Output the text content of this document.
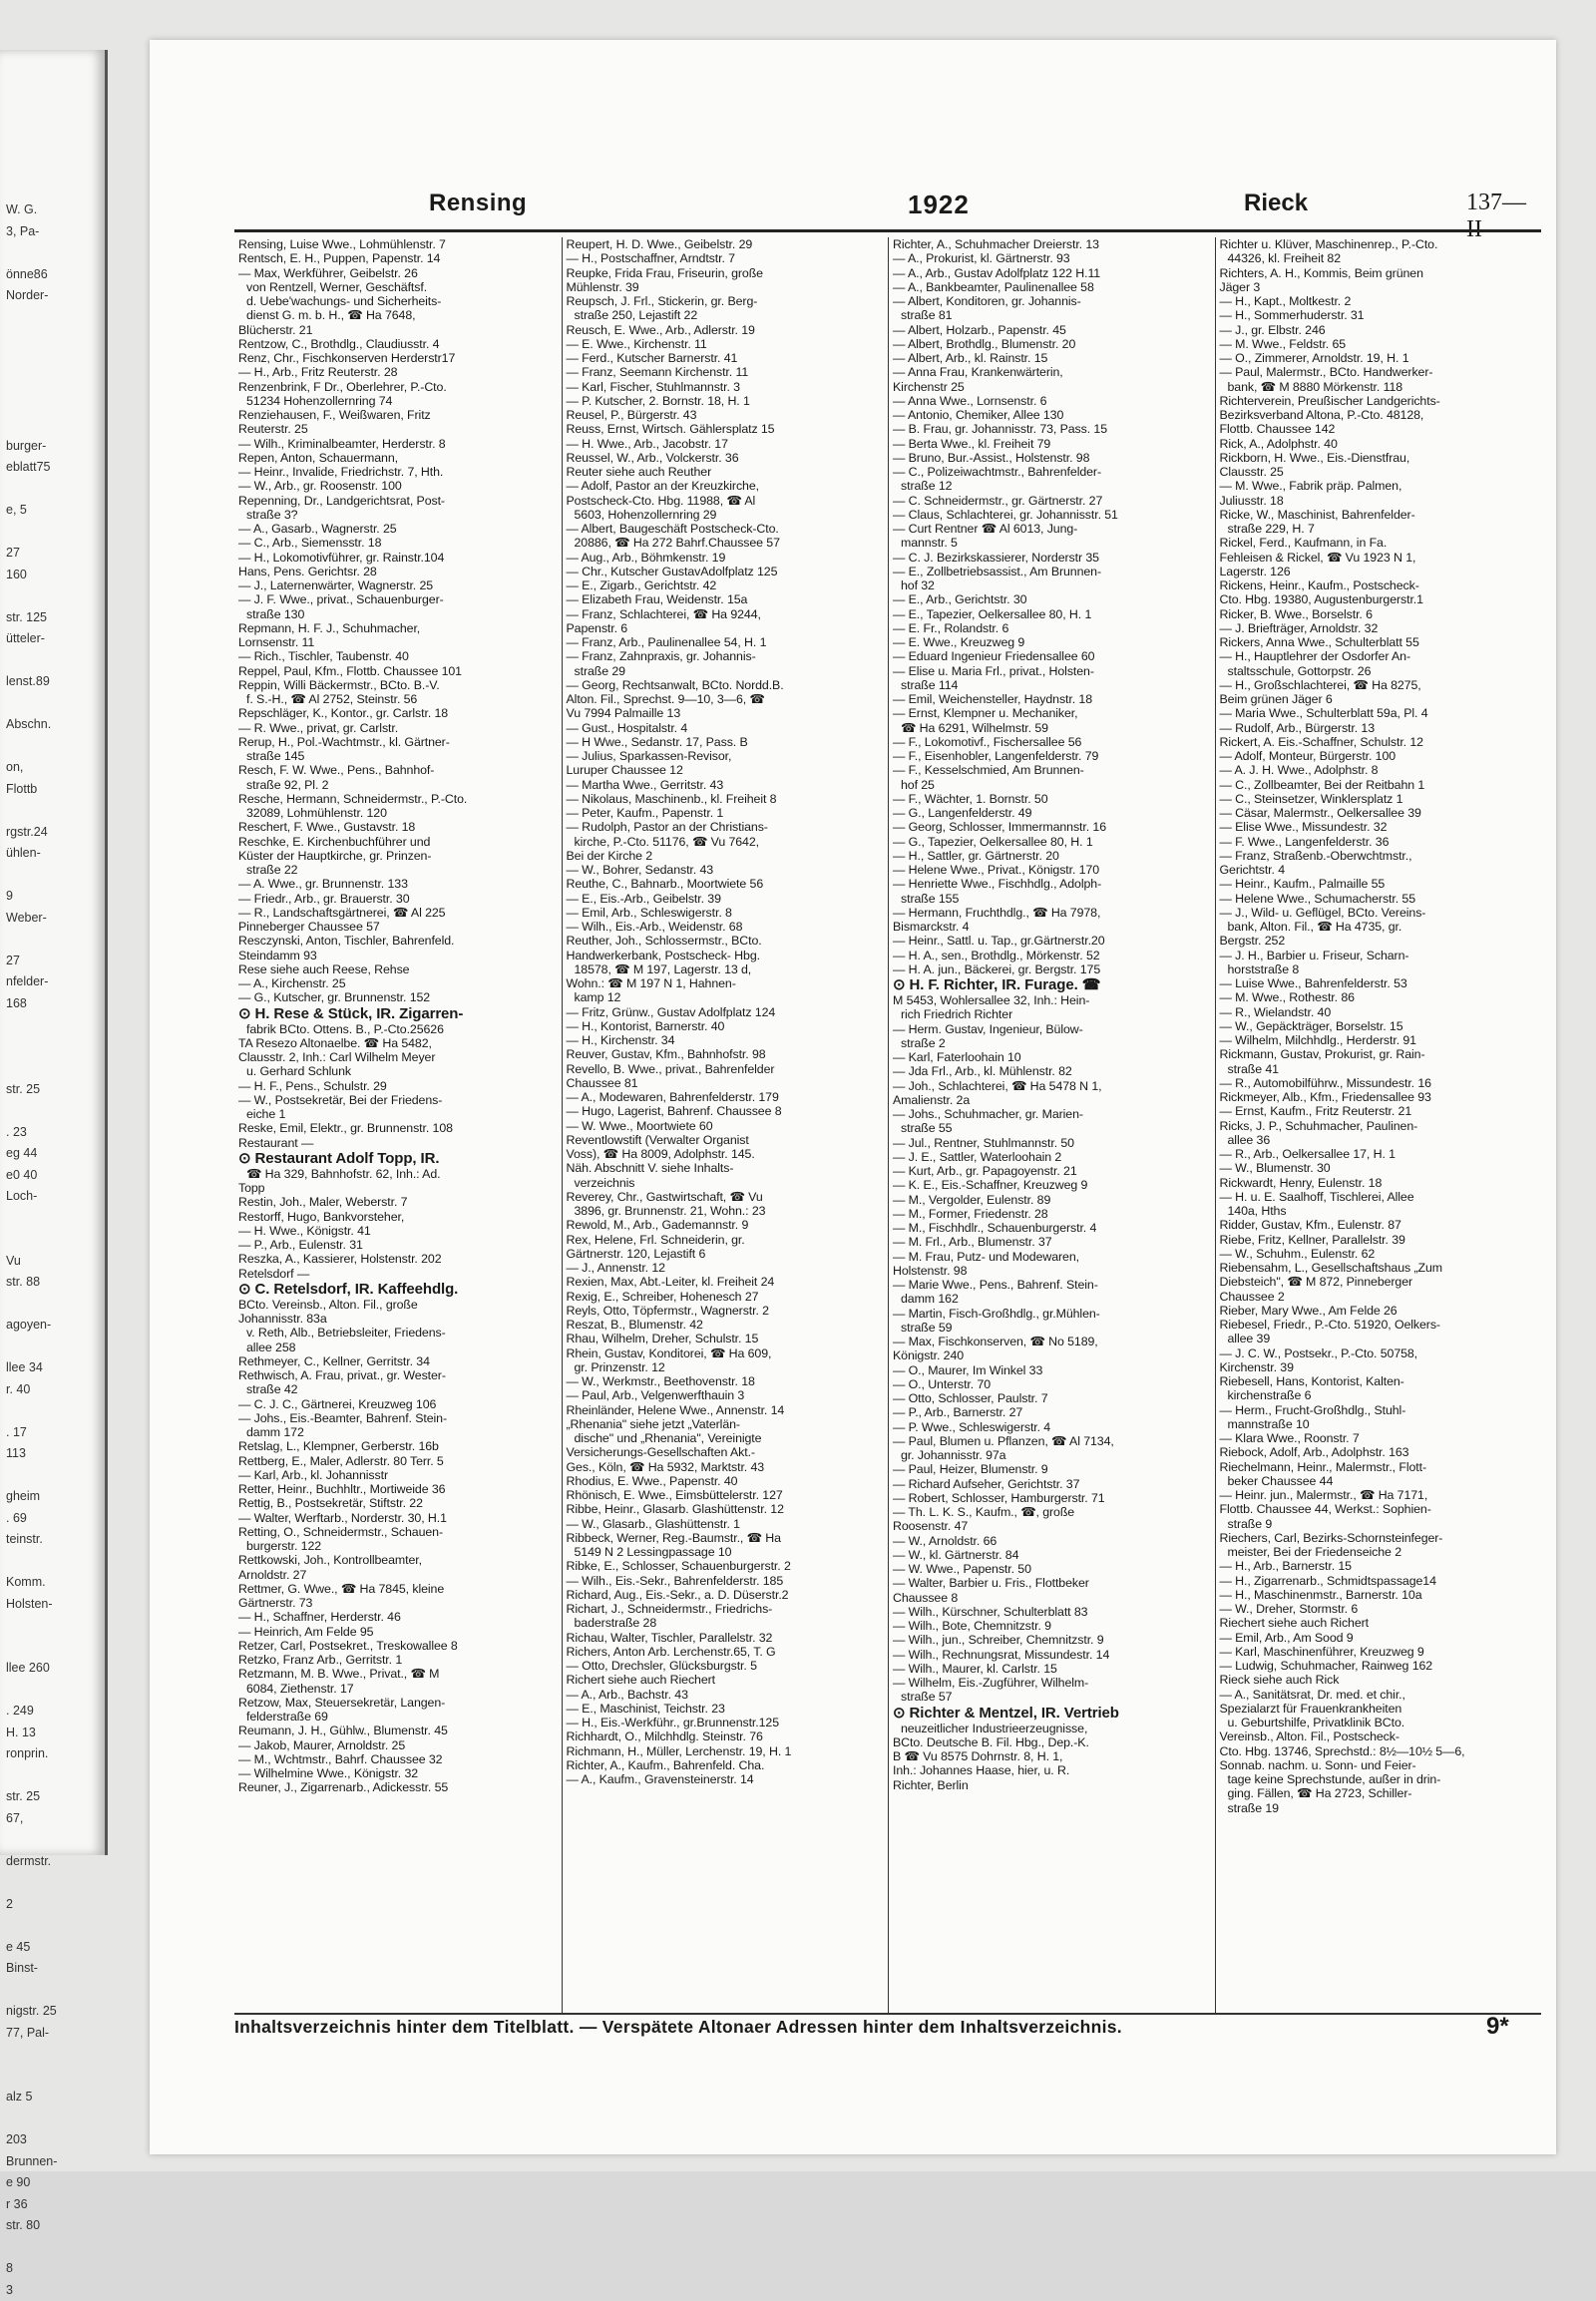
W. G.
3, Pa-

önne86
Norder-

burger-
eblatt75

e, 5

27
160

str. 125
ütteler-

lenst.89

Abschn.

on,
Flottb

rgstr.24
ühlen-

9
Weber-

27
nfelder-
168

str. 25

. 23
eg 44
e0 40
Loch-

Vu
str. 88

agoyen-

llee 34
r. 40

. 17
113

gheim
. 69
teinstr.

Komm.
Holsten-

llee 260

. 249
H. 13
ronprin.

str. 25
67,

dermstr.

2

e 45
Binst-

nigstr. 25
77, Pal-

alz 5

203
Brunnen-
e 90
r 36
str. 80

8
3
Rensing	1922	Rieck	137—II
Rensing, Luise Wwe., Lohmühlenstr. 7
Rentsch, E. H., Puppen, Papenstr. 14
— Max, Werkführer, Geibelstr. 26
von Rentzell, Werner, Geschäftsf.
d. Uebe'wachungs- und Sicherheits-
dienst G. m. b. H., ☎ Ha 7648,
Blücherstr. 21
Rentzow, C., Brothdlg., Claudiusstr. 4
Renz, Chr., Fischkonserven Herderstr17
— H., Arb., Fritz Reuterstr. 28
Renzenbrink, F Dr., Oberlehrer, P.-Cto.
51234 Hohenzollernring 74
Renziehausen, F., Weißwaren, Fritz
Reuterstr. 25
— Wilh., Kriminalbeamter, Herderstr. 8
Repen, Anton, Schauermann,
— Heinr., Invalide, Friedrichstr. 7, Hth.
— W., Arb., gr. Roosenstr. 100
Repenning, Dr., Landgerichtsrat, Post-
straße 3?
— A., Gasarb., Wagnerstr. 25
— C., Arb., Siemensstr. 18
— H., Lokomotivführer, gr. Rainstr.104
Hans, Pens. Gerichtsr. 28
— J., Laternenwärter, Wagnerstr. 25
— J. F. Wwe., privat., Schauenburger-
straße 130
Repmann, H. F. J., Schuhmacher,
Lornsenstr. 11
— Rich., Tischler, Taubenstr. 40
Reppel, Paul, Kfm., Flottb. Chaussee 101
Reppin, Willi Bäckermstr., BCto. B.-V.
f. S.-H., ☎ Al 2752, Steinstr. 56
Repschläger, K., Kontor., gr. Carlstr. 18
— R. Wwe., privat, gr. Carlstr.
Rerup, H., Pol.-Wachtmstr., kl. Gärtner-
straße 145
Resch, F. W. Wwe., Pens., Bahnhof-
straße 92, Pl. 2
Resche, Hermann, Schneidermstr., P.-Cto.
32089, Lohmühlenstr. 120
Reschert, F. Wwe., Gustavstr. 18
Reschke, E. Kirchenbuchführer und
Küster der Hauptkirche, gr. Prinzen-
straße 22
— A. Wwe., gr. Brunnenstr. 133
— Friedr., Arb., gr. Brauerstr. 30
— R., Landschaftsgärtnerei, ☎ Al 225
Pinneberger Chaussee 57
Resczynski, Anton, Tischler, Bahrenfeld.
Steindamm 93
Rese siehe auch Reese, Rehse
— A., Kirchenstr. 25
— G., Kutscher, gr. Brunnenstr. 152
⊙ H. Rese & Stück, IR. Zigarren-
fabrik BCto. Ottens. B., P.-Cto.25626
TA Resezo Altonaelbe. ☎ Ha 5482,
Clausstr. 2, Inh.: Carl Wilhelm Meyer
u. Gerhard Schlunk
— H. F., Pens., Schulstr. 29
— W., Postsekretär, Bei der Friedens-
eiche 1
Reske, Emil, Elektr., gr. Brunnenstr. 108
Restaurant —
⊙ Restaurant Adolf Topp, IR.
☎ Ha 329, Bahnhofstr. 62, Inh.: Ad.
Topp
Restin, Joh., Maler, Weberstr. 7
Restorff, Hugo, Bankvorsteher,
— H. Wwe., Königstr. 41
— P., Arb., Eulenstr. 31
Reszka, A., Kassierer, Holstenstr. 202
Retelsdorf —
⊙ C. Retelsdorf, IR. Kaffeehdlg.
BCto. Vereinsb., Alton. Fil., große
Johannisstr. 83a
v. Reth, Alb., Betriebsleiter, Friedens-
allee 258
Rethmeyer, C., Kellner, Gerritstr. 34
Rethwisch, A. Frau, privat., gr. Wester-
straße 42
— C. J. C., Gärtnerei, Kreuzweg 106
— Johs., Eis.-Beamter, Bahrenf. Stein-
damm 172
Retslag, L., Klempner, Gerberstr. 16b
Rettberg, E., Maler, Adlerstr. 80 Terr. 5
— Karl, Arb., kl. Johannisstr
Retter, Heinr., Buchhltr., Mortiweide 36
Rettig, B., Postsekretär, Stiftstr. 22
— Walter, Werftarb., Norderstr. 30, H.1
Retting, O., Schneidermstr., Schauen-
burgerstr. 122
Rettkowski, Joh., Kontrollbeamter,
Arnoldstr. 27
Rettmer, G. Wwe., ☎ Ha 7845, kleine
Gärtnerstr. 73
— H., Schaffner, Herderstr. 46
— Heinrich, Am Felde 95
Retzer, Carl, Postsekret., Treskowallee 8
Retzko, Franz Arb., Gerritstr. 1
Retzmann, M. B. Wwe., Privat., ☎ M
6084, Ziethenstr. 17
Retzow, Max, Steuersekretär, Langen-
felderstraße 69
Reumann, J. H., Gühlw., Blumenstr. 45
— Jakob, Maurer, Arnoldstr. 25
— M., Wchtmstr., Bahrf. Chaussee 32
— Wilhelmine Wwe., Königstr. 32
Reuner, J., Zigarrenarb., Adickesstr. 55
Reupert, H. D. Wwe., Geibelstr. 29
— H., Postschaffner, Arndtstr. 7
Reupke, Frida Frau, Friseurin, große
Mühlenstr. 39
Reupsch, J. Frl., Stickerin, gr. Berg-
straße 250, Lejastift 22
Reusch, E. Wwe., Arb., Adlerstr. 19
— E. Wwe., Kirchenstr. 11
— Ferd., Kutscher Barnerstr. 41
— Franz, Seemann Kirchenstr. 11
— Karl, Fischer, Stuhlmannstr. 3
— P. Kutscher, 2. Bornstr. 18, H. 1
Reusel, P., Bürgerstr. 43
Reuss, Ernst, Wirtsch. Gählersplatz 15
— H. Wwe., Arb., Jacobstr. 17
Reussel, W., Arb., Volckerstr. 36
Reuter siehe auch Reuther
— Adolf, Pastor an der Kreuzkirche,
Postscheck-Cto. Hbg. 11988, ☎ Al
5603, Hohenzollernring 29
— Albert, Baugeschäft Postscheck-Cto.
20886, ☎ Ha 272 Bahrf.Chaussee 57
— Aug., Arb., Böhmkenstr. 19
— Chr., Kutscher GustavAdolfplatz 125
— E., Zigarb., Gerichtstr. 42
— Elizabeth Frau, Weidenstr. 15a
— Franz, Schlachterei, ☎ Ha 9244,
Papenstr. 6
— Franz, Arb., Paulinenallee 54, H. 1
— Franz, Zahnpraxis, gr. Johannis-
straße 29
— Georg, Rechtsanwalt, BCto. Nordd.B.
Alton. Fil., Sprechst. 9—10, 3—6, ☎
Vu 7994 Palmaille 13
— Gust., Hospitalstr. 4
— H Wwe., Sedanstr. 17, Pass. B
— Julius, Sparkassen-Revisor,
Luruper Chaussee 12
— Martha Wwe., Gerritstr. 43
— Nikolaus, Maschinenb., kl. Freiheit 8
— Peter, Kaufm., Papenstr. 1
— Rudolph, Pastor an der Christians-
kirche, P.-Cto. 51176, ☎ Vu 7642,
Bei der Kirche 2
— W., Bohrer, Sedanstr. 43
Reuthe, C., Bahnarb., Moortwiete 56
— E., Eis.-Arb., Geibelstr. 39
— Emil, Arb., Schleswigerstr. 8
— Wilh., Eis.-Arb., Weidenstr. 68
Reuther, Joh., Schlossermstr., BCto.
Handwerkerbank, Postscheck- Hbg.
18578, ☎ M 197, Lagerstr. 13 d,
Wohn.: ☎ M 197 N 1, Hahnen-
kamp 12
— Fritz, Grünw., Gustav Adolfplatz 124
— H., Kontorist, Barnerstr. 40
— H., Kirchenstr. 34
Reuver, Gustav, Kfm., Bahnhofstr. 98
Revello, B. Wwe., privat., Bahrenfelder
Chaussee 81
— A., Modewaren, Bahrenfelderstr. 179
— Hugo, Lagerist, Bahrenf. Chaussee 8
— W. Wwe., Moortwiete 60
Reventlowstift (Verwalter Organist
Voss), ☎ Ha 8009, Adolphstr. 145.
Näh. Abschnitt V. siehe Inhalts-
verzeichnis
Reverey, Chr., Gastwirtschaft, ☎ Vu
3896, gr. Brunnenstr. 21, Wohn.: 23
Rewold, M., Arb., Gademannstr. 9
Rex, Helene, Frl. Schneiderin, gr.
Gärtnerstr. 120, Lejastift 6
— J., Annenstr. 12
Rexien, Max, Abt.-Leiter, kl. Freiheit 24
Rexig, E., Schreiber, Hohenesch 27
Reyls, Otto, Töpfermstr., Wagnerstr. 2
Reszat, B., Blumenstr. 42
Rhau, Wilhelm, Dreher, Schulstr. 15
Rhein, Gustav, Konditorei, ☎ Ha 609,
gr. Prinzenstr. 12
— W., Werkmstr., Beethovenstr. 18
— Paul, Arb., Velgenwerfthauin 3
Rheinländer, Helene Wwe., Annenstr. 14
„Rhenania" siehe jetzt „Vaterlän-
dische" und „Rhenania", Vereinigte
Versicherungs-Gesellschaften Akt.-
Ges., Köln, ☎ Ha 5932, Marktstr. 43
Rhodius, E. Wwe., Papenstr. 40
Rhönisch, E. Wwe., Eimsbüttelerstr. 127
Ribbe, Heinr., Glasarb. Glashüttenstr. 12
— W., Glasarb., Glashüttenstr. 1
Ribbeck, Werner, Reg.-Baumstr., ☎ Ha
5149 N 2 Lessingpassage 10
Ribke, E., Schlosser, Schauenburgerstr. 2
— Wilh., Eis.-Sekr., Bahrenfelderstr. 185
Richard, Aug., Eis.-Sekr., a. D. Düserstr.2
Richart, J., Schneidermstr., Friedrichs-
baderstraße 28
Richau, Walter, Tischler, Parallelstr. 32
Richers, Anton Arb. Lerchenstr.65, T. G
— Otto, Drechsler, Glücksburgstr. 5
Richert siehe auch Riechert
— A., Arb., Bachstr. 43
— E., Maschinist, Teichstr. 23
— H., Eis.-Werkführ., gr.Brunnenstr.125
Richhardt, O., Milchhdlg. Steinstr. 76
Richmann, H., Müller, Lerchenstr. 19, H. 1
Richter, A., Kaufm., Bahrenfeld. Cha.
— A., Kaufm., Gravensteinerstr. 14
Richter, A., Schuhmacher Dreierstr. 13
— A., Prokurist, kl. Gärtnerstr. 93
— A., Arb., Gustav Adolfplatz 122 H.11
— A., Bankbeamter, Paulinenallee 58
— Albert, Konditoren, gr. Johannis-
straße 81
— Albert, Holzarb., Papenstr. 45
— Albert, Brothdlg., Blumenstr. 20
— Albert, Arb., kl. Rainstr. 15
— Anna Frau, Krankenwärterin,
Kirchenstr 25
— Anna Wwe., Lornsenstr. 6
— Antonio, Chemiker, Allee 130
— B. Frau, gr. Johannisstr. 73, Pass. 15
— Berta Wwe., kl. Freiheit 79
— Bruno, Bur.-Assist., Holstenstr. 98
— C., Polizeiwachtmstr., Bahrenfelder-
straße 12
— C. Schneidermstr., gr. Gärtnerstr. 27
— Claus, Schlachterei, gr. Johannisstr. 51
— Curt Rentner ☎ Al 6013, Jung-
mannstr. 5
— C. J. Bezirkskassierer, Norderstr 35
— E., Zollbetriebsassist., Am Brunnen-
hof 32
— E., Arb., Gerichtstr. 30
— E., Tapezier, Oelkersallee 80, H. 1
— E. Fr., Rolandstr. 6
— E. Wwe., Kreuzweg 9
— Eduard Ingenieur Friedensallee 60
— Elise u. Maria Frl., privat., Holsten-
straße 114
— Emil, Weichensteller, Haydnstr. 18
— Ernst, Klempner u. Mechaniker,
☎ Ha 6291, Wilhelmstr. 59
— F., Lokomotivf., Fischersallee 56
— F., Eisenhobler, Langenfelderstr. 79
— F., Kesselschmied, Am Brunnen-
hof 25
— F., Wächter, 1. Bornstr. 50
— G., Langenfelderstr. 49
— Georg, Schlosser, Immermannstr. 16
— G., Tapezier, Oelkersallee 80, H. 1
— H., Sattler, gr. Gärtnerstr. 20
— Helene Wwe., Privat., Königstr. 170
— Henriette Wwe., Fischhdlg., Adolph-
straße 155
— Hermann, Fruchthdlg., ☎ Ha 7978,
Bismarckstr. 4
— Heinr., Sattl. u. Tap., gr.Gärtnerstr.20
— H. A., sen., Brothdlg., Mörkenstr. 52
— H. A. jun., Bäckerei, gr. Bergstr. 175
⊙ H. F. Richter, IR. Furage. ☎
M 5453, Wohlersallee 32, Inh.: Hein-
rich Friedrich Richter
— Herm. Gustav, Ingenieur, Bülow-
straße 2
— Karl, Faterloohain 10
— Jda Frl., Arb., kl. Mühlenstr. 82
— Joh., Schlachterei, ☎ Ha 5478 N 1,
Amalienstr. 2a
— Johs., Schuhmacher, gr. Marien-
straße 55
— Jul., Rentner, Stuhlmannstr. 50
— J. E., Sattler, Waterloohain 2
— Kurt, Arb., gr. Papagoyenstr. 21
— K. E., Eis.-Schaffner, Kreuzweg 9
— M., Vergolder, Eulenstr. 89
— M., Former, Friedenstr. 28
— M., Fischhdlr., Schauenburgerstr. 4
— M. Frl., Arb., Blumenstr. 37
— M. Frau, Putz- und Modewaren,
Holstenstr. 98
— Marie Wwe., Pens., Bahrenf. Stein-
damm 162
— Martin, Fisch-Großhdlg., gr.Mühlen-
straße 59
— Max, Fischkonserven, ☎ No 5189,
Königstr. 240
— O., Maurer, Im Winkel 33
— O., Unterstr. 70
— Otto, Schlosser, Paulstr. 7
— P., Arb., Barnerstr. 27
— P. Wwe., Schleswigerstr. 4
— Paul, Blumen u. Pflanzen, ☎ Al 7134,
gr. Johannisstr. 97a
— Paul, Heizer, Blumenstr. 9
— Richard Aufseher, Gerichtstr. 37
— Robert, Schlosser, Hamburgerstr. 71
— Th. L. K. S., Kaufm., ☎, große
Roosenstr. 47
— W., Arnoldstr. 66
— W., kl. Gärtnerstr. 84
— W. Wwe., Papenstr. 50
— Walter, Barbier u. Fris., Flottbeker
Chaussee 8
— Wilh., Kürschner, Schulterblatt 83
— Wilh., Bote, Chemnitzstr. 9
— Wilh., jun., Schreiber, Chemnitzstr. 9
— Wilh., Rechnungsrat, Missundestr. 14
— Wilh., Maurer, kl. Carlstr. 15
— Wilhelm, Eis.-Zugführer, Wilhelm-
straße 57
⊙ Richter & Mentzel, IR. Vertrieb
neuzeitlicher Industrieerzeugnisse,
BCto. Deutsche B. Fil. Hbg., Dep.-K.
B ☎ Vu 8575 Dohrnstr. 8, H. 1,
Inh.: Johannes Haase, hier, u. R.
Richter, Berlin
Richter u. Klüver, Maschinenrep., P.-Cto.
44326, kl. Freiheit 82
Richters, A. H., Kommis, Beim grünen
Jäger 3
— H., Kapt., Moltkestr. 2
— H., Sommerhuderstr. 31
— J., gr. Elbstr. 246
— M. Wwe., Feldstr. 65
— O., Zimmerer, Arnoldstr. 19, H. 1
— Paul, Malermstr., BCto. Handwerker-
bank, ☎ M 8880 Mörkenstr. 118
Richterverein, Preußischer Landgerichts-
Bezirksverband Altona, P.-Cto. 48128,
Flottb. Chaussee 142
Rick, A., Adolphstr. 40
Rickborn, H. Wwe., Eis.-Dienstfrau,
Clausstr. 25
— M. Wwe., Fabrik präp. Palmen,
Juliusstr. 18
Ricke, W., Maschinist, Bahrenfelder-
straße 229, H. 7
Rickel, Ferd., Kaufmann, in Fa.
Fehleisen & Rickel, ☎ Vu 1923 N 1,
Lagerstr. 126
Rickens, Heinr., Kaufm., Postscheck-
Cto. Hbg. 19380, Augustenburgerstr.1
Ricker, B. Wwe., Borselstr. 6
— J. Briefträger, Arnoldstr. 32
Rickers, Anna Wwe., Schulterblatt 55
— H., Hauptlehrer der Osdorfer An-
staltsschule, Gottorpstr. 26
— H., Großschlachterei, ☎ Ha 8275,
Beim grünen Jäger 6
— Maria Wwe., Schulterblatt 59a, Pl. 4
— Rudolf, Arb., Bürgerstr. 13
Rickert, A. Eis.-Schaffner, Schulstr. 12
— Adolf, Monteur, Bürgerstr. 100
— A. J. H. Wwe., Adolphstr. 8
— C., Zollbeamter, Bei der Reitbahn 1
— C., Steinsetzer, Winklersplatz 1
— Cäsar, Malermstr., Oelkersallee 39
— Elise Wwe., Missundestr. 32
— F. Wwe., Langenfelderstr. 36
— Franz, Straßenb.-Oberwchtmstr.,
Gerichtstr. 4
— Heinr., Kaufm., Palmaille 55
— Helene Wwe., Schumacherstr. 55
— J., Wild- u. Geflügel, BCto. Vereins-
bank, Alton. Fil., ☎ Ha 4735, gr.
Bergstr. 252
— J. H., Barbier u. Friseur, Scharn-
horststraße 8
— Luise Wwe., Bahrenfelderstr. 53
— M. Wwe., Rothestr. 86
— R., Wielandstr. 40
— W., Gepäckträger, Borselstr. 15
— Wilhelm, Milchhdlg., Herderstr. 91
Rickmann, Gustav, Prokurist, gr. Rain-
straße 41
— R., Automobilführw., Missundestr. 16
Rickmeyer, Alb., Kfm., Friedensallee 93
— Ernst, Kaufm., Fritz Reuterstr. 21
Ricks, J. P., Schuhmacher, Paulinen-
allee 36
— R., Arb., Oelkersallee 17, H. 1
— W., Blumenstr. 30
Rickwardt, Henry, Eulenstr. 18
— H. u. E. Saalhoff, Tischlerei, Allee
140a, Hths
Ridder, Gustav, Kfm., Eulenstr. 87
Riebe, Fritz, Kellner, Parallelstr. 39
— W., Schuhm., Eulenstr. 62
Riebensahm, L., Gesellschaftshaus „Zum
Diebsteich", ☎ M 872, Pinneberger
Chaussee 2
Rieber, Mary Wwe., Am Felde 26
Riebesel, Friedr., P.-Cto. 51920, Oelkers-
allee 39
— J. C. W., Postsekr., P.-Cto. 50758,
Kirchenstr. 39
Riebesell, Hans, Kontorist, Kalten-
kirchenstraße 6
— Herm., Frucht-Großhdlg., Stuhl-
mannstraße 10
— Klara Wwe., Roonstr. 7
Riebock, Adolf, Arb., Adolphstr. 163
Riechelmann, Heinr., Malermstr., Flott-
beker Chaussee 44
— Heinr. jun., Malermstr., ☎ Ha 7171,
Flottb. Chaussee 44, Werkst.: Sophien-
straße 9
Riechers, Carl, Bezirks-Schornsteinfeger-
meister, Bei der Friedenseiche 2
— H., Arb., Barnerstr. 15
— H., Zigarrenarb., Schmidtspassage14
— H., Maschinenmstr., Barnerstr. 10a
— W., Dreher, Stormstr. 6
Riechert siehe auch Richert
— Emil, Arb., Am Sood 9
— Karl, Maschinenführer, Kreuzweg 9
— Ludwig, Schuhmacher, Rainweg 162
Rieck siehe auch Rick
— A., Sanitätsrat, Dr. med. et chir.,
Spezialarzt für Frauenkrankheiten
u. Geburtshilfe, Privatklinik BCto.
Vereinsb., Alton. Fil., Postscheck-
Cto. Hbg. 13746, Sprechstd.: 8½—10½ 5—6,
Sonnab. nachm. u. Sonn- und Feier-
tage keine Sprechstunde, außer in drin-
ging. Fällen, ☎ Ha 2723, Schiller-
straße 19
Inhaltsverzeichnis hinter dem Titelblatt. — Verspätete Altonaer Adressen hinter dem Inhaltsverzeichnis.	9*
